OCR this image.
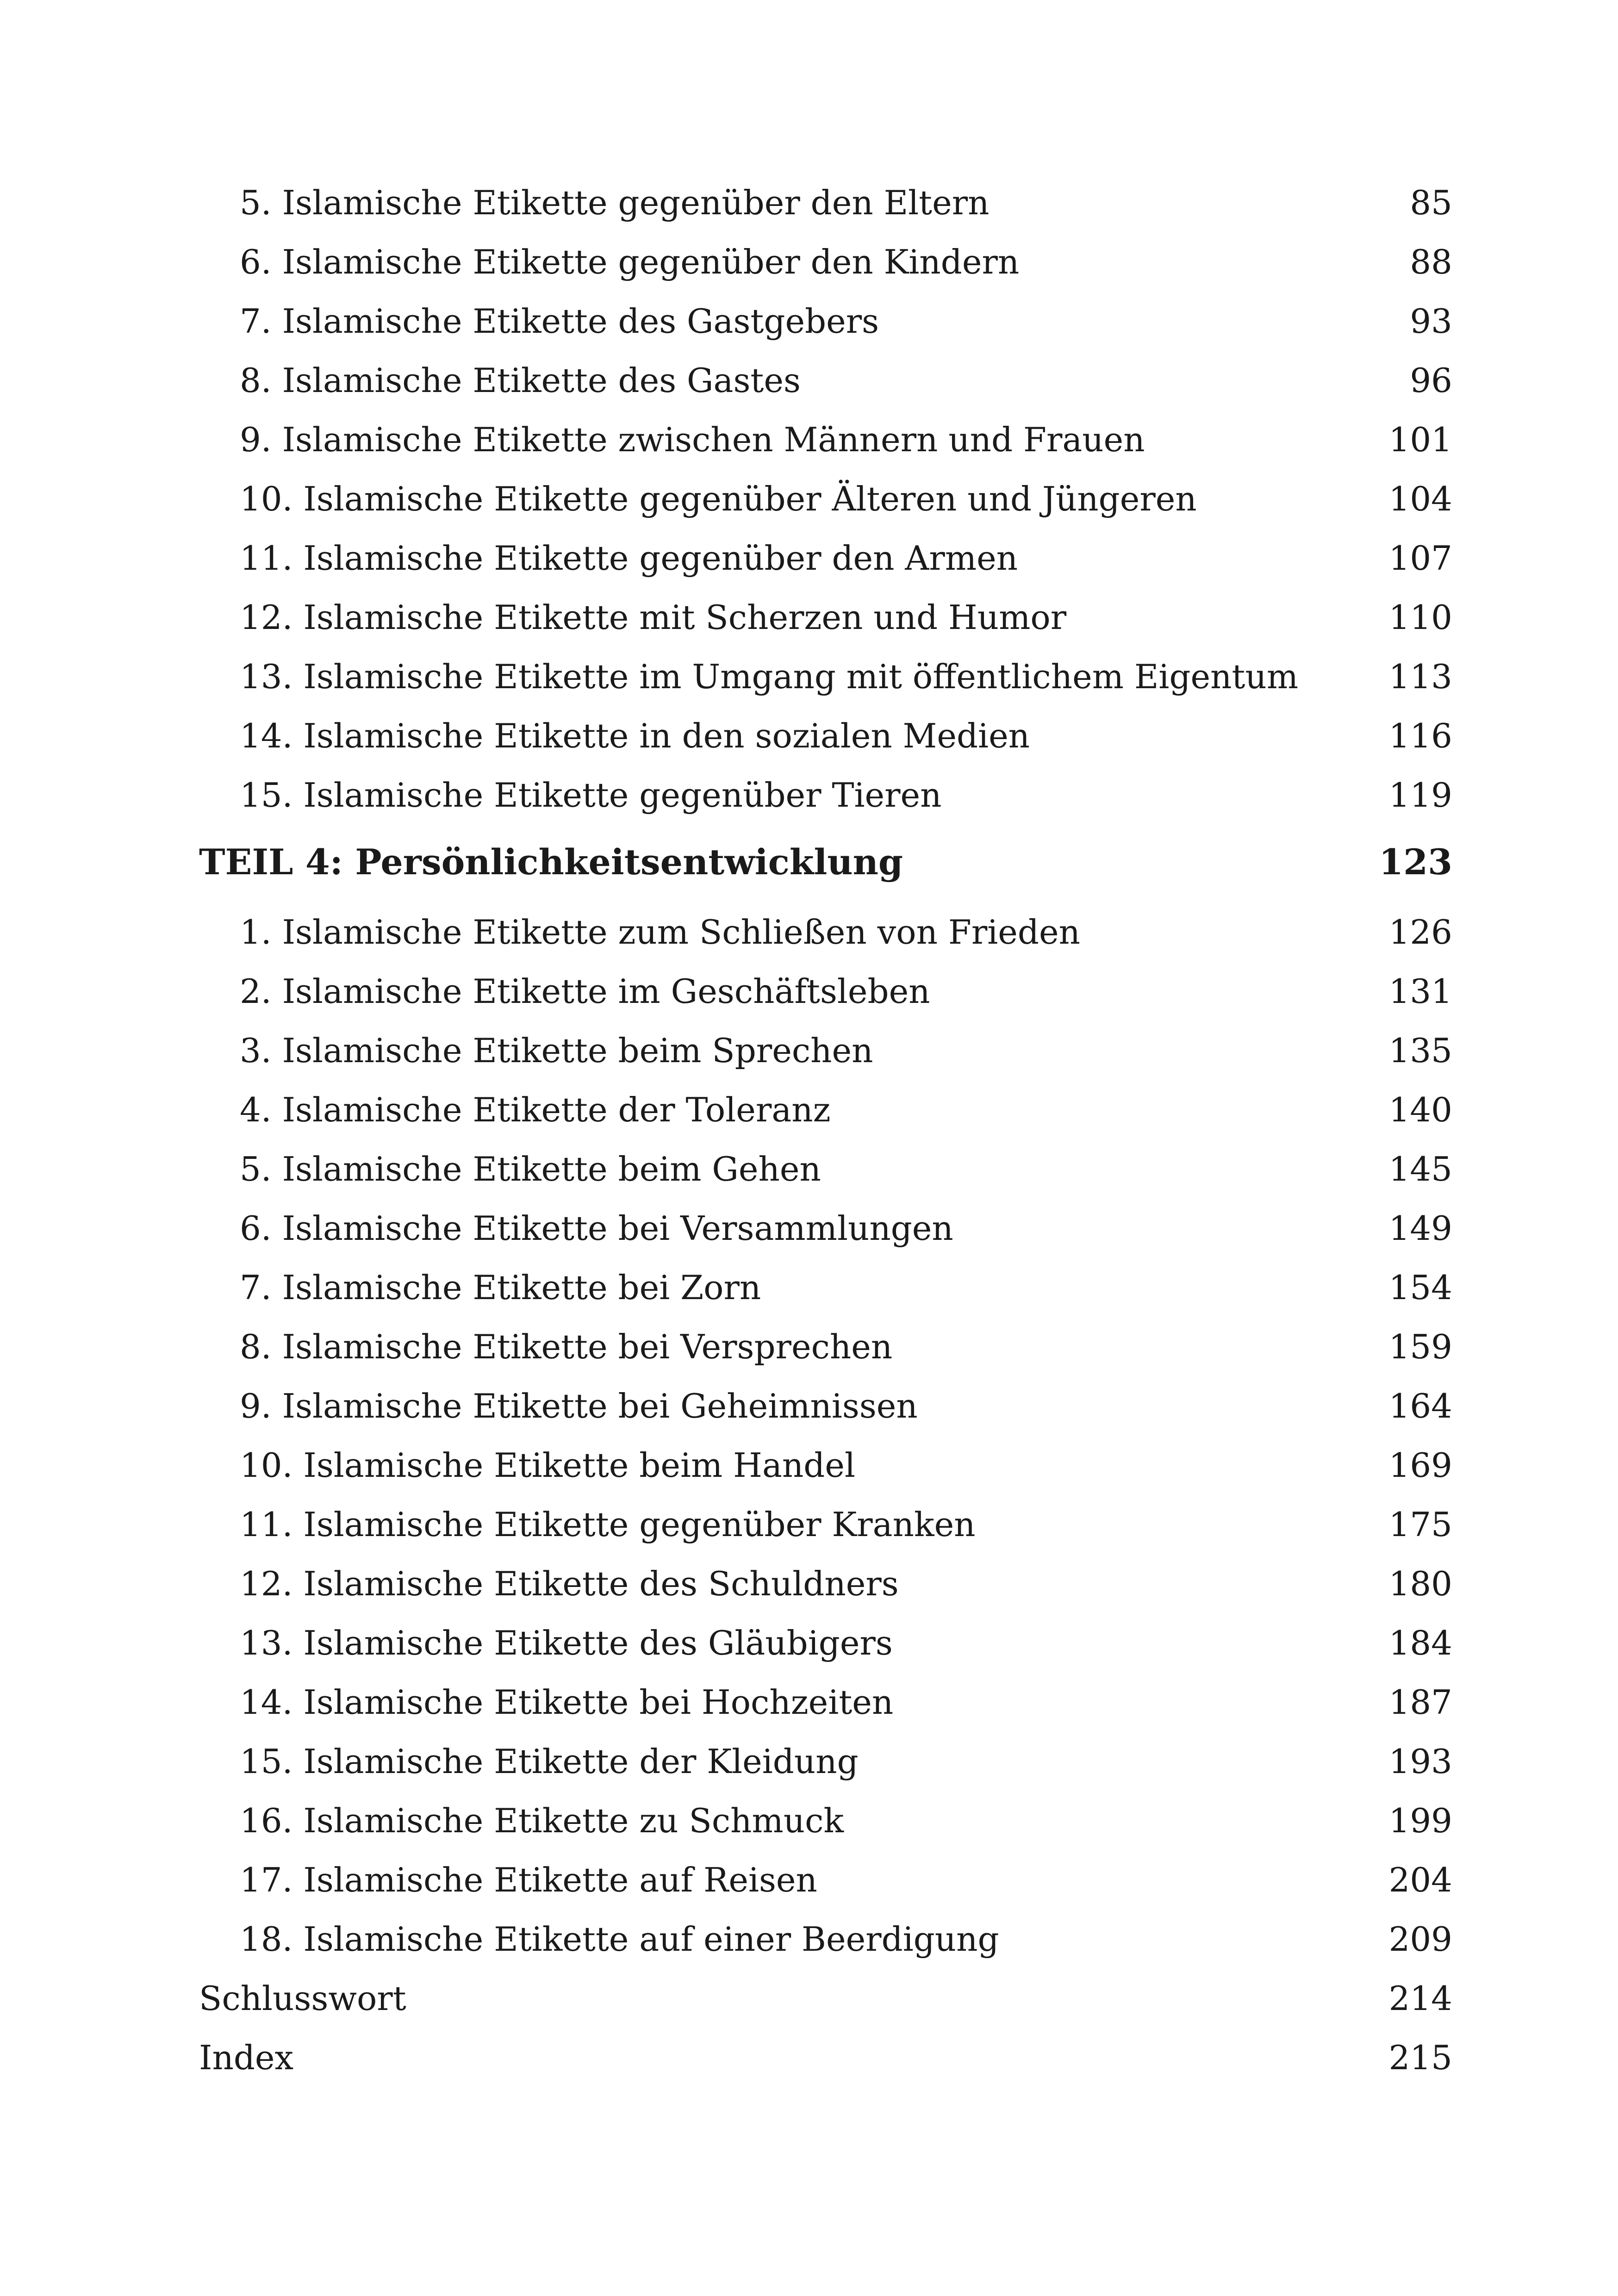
5. Islamische Etikette gegenüber den Eltern	85
6. Islamische Etikette gegenüber den Kindern	88
7. Islamische Etikette des Gastgebers	93
8. Islamische Etikette des Gastes	96
9. Islamische Etikette zwischen Männern und Frauen	101
10. Islamische Etikette gegenüber Älteren und Jüngeren	104
11. Islamische Etikette gegenüber den Armen	107
12. Islamische Etikette mit Scherzen und Humor	110
13. Islamische Etikette im Umgang mit öffentlichem Eigentum	113
14. Islamische Etikette in den sozialen Medien	116
15. Islamische Etikette gegenüber Tieren	119
TEIL 4: Persönlichkeitsentwicklung	123
1. Islamische Etikette zum Schließen von Frieden	126
2. Islamische Etikette im Geschäftsleben	131
3. Islamische Etikette beim Sprechen	135
4. Islamische Etikette der Toleranz	140
5. Islamische Etikette beim Gehen	145
6. Islamische Etikette bei Versammlungen	149
7. Islamische Etikette bei Zorn	154
8. Islamische Etikette bei Versprechen	159
9. Islamische Etikette bei Geheimnissen	164
10. Islamische Etikette beim Handel	169
11. Islamische Etikette gegenüber Kranken	175
12. Islamische Etikette des Schuldners	180
13. Islamische Etikette des Gläubigers	184
14. Islamische Etikette bei Hochzeiten	187
15. Islamische Etikette der Kleidung	193
16. Islamische Etikette zu Schmuck	199
17. Islamische Etikette auf Reisen	204
18. Islamische Etikette auf einer Beerdigung	209
Schlusswort	214
Index	215
